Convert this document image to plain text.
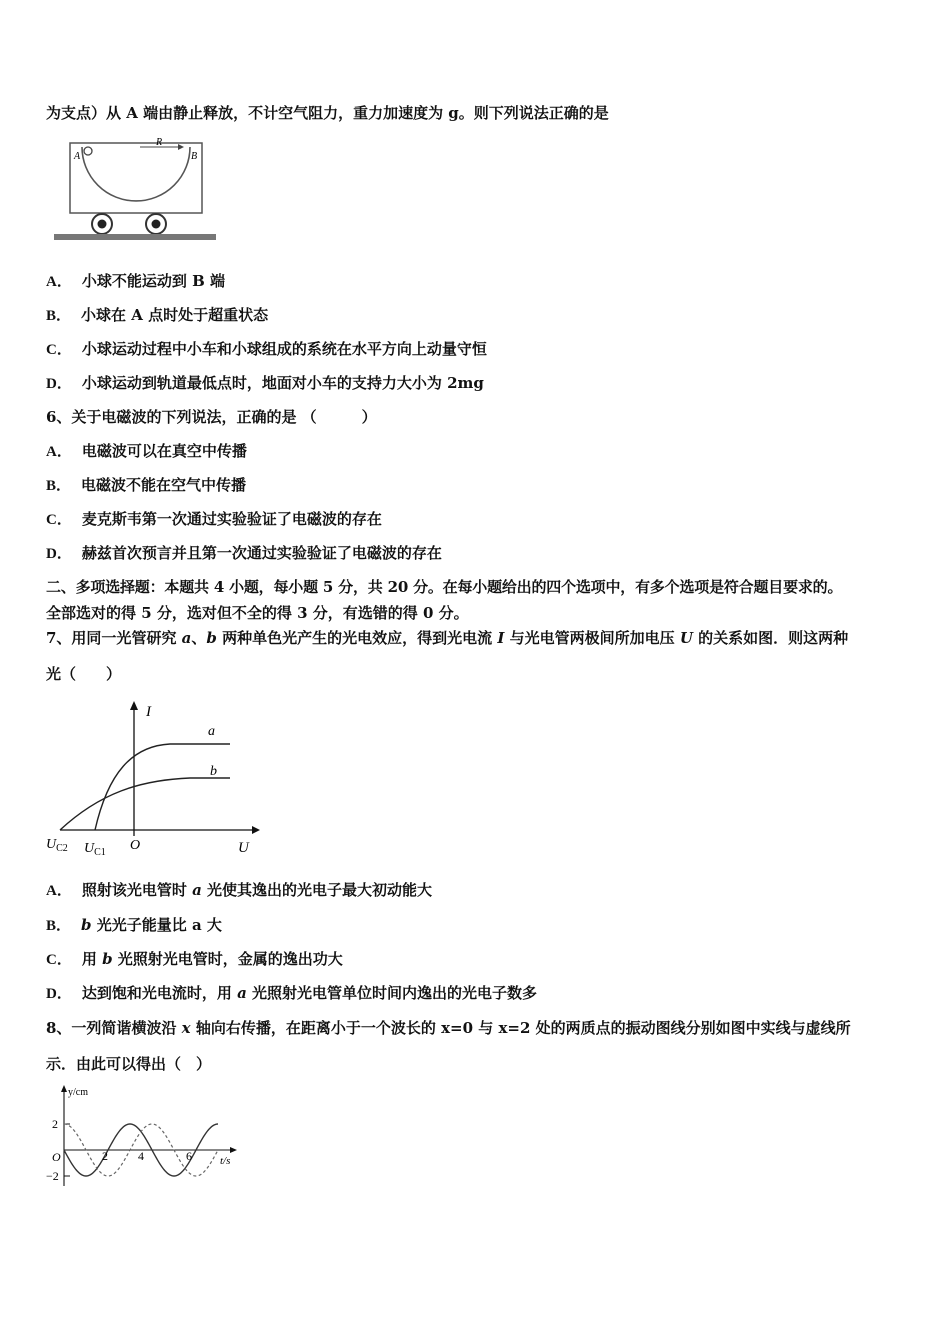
为支点）从 A 端由静止释放，不计空气阻力，重力加速度为 g。则下列说法正确的是
A	B
R
A． 小球不能运动到 B 端
B． 小球在 A 点时处于超重状态
C． 小球运动过程中小车和小球组成的系统在水平方向上动量守恒
D． 小球运动到轨道最低点时，地面对小车的支持力大小为 2mg
6、关于电磁波的下列说法，正确的是 （　　　）
A． 电磁波可以在真空中传播
B． 电磁波不能在空气中传播
C． 麦克斯韦第一次通过实验验证了电磁波的存在
D． 赫兹首次预言并且第一次通过实验验证了电磁波的存在
二、多项选择题：本题共 4 小题，每小题 5 分，共 20 分。在每小题给出的四个选项中，有多个选项是符合题目要求的。
全部选对的得 5 分，选对但不全的得 3 分，有选错的得 0 分。
7、用同一光管研究 a、b 两种单色光产生的光电效应，得到光电流 I 与光电管两极间所加电压 U 的关系如图．则这两种
光（　　）
I
U
O
a
b
$U_{C2}$ $U_{C1}$
A． 照射该光电管时 a 光使其逸出的光电子最大初动能大
B． b 光光子能量比 a 大
C． 用 b 光照射光电管时，金属的逸出功大
D． 达到饱和光电流时，用 a 光照射光电管单位时间内逸出的光电子数多
8、一列简谐横波沿 x 轴向右传播，在距离小于一个波长的 x=0 与 x=2 处的两质点的振动图线分别如图中实线与虚线所
示．由此可以得出（　）
y/cm
t/s
O
2
−2
2	4	6
